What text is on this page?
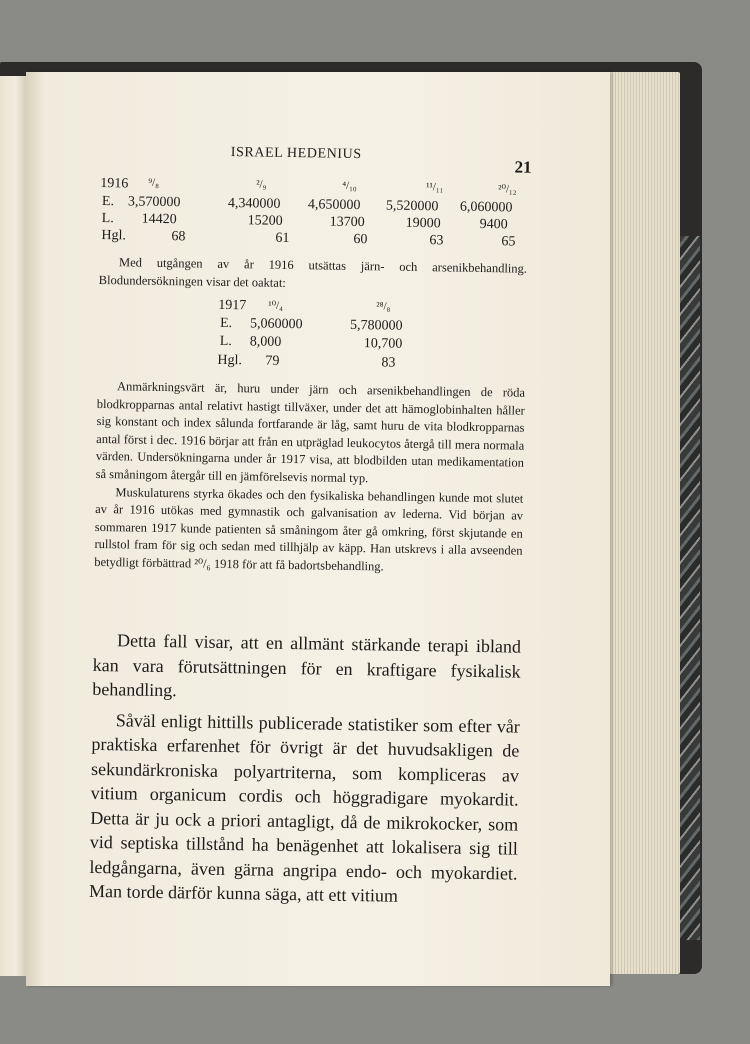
ISRAEL HEDENIUS
21
1916 ⁹/₈	²/₉	⁴/₁₀	¹¹/₁₁	²⁰/₁₂
E. 3,570000	4,340000 4,650000 5,520000 6,060000
L. 14420	15200	13700	19000	9400
Hgl.	68	61	60	63	65

Med utgången av år 1916 utsättas järn- och arsenikbehandling. Blodundersökningen visar det oaktat:

1917 ¹⁰/₄	²⁸/₈
E. 5,060000	5,780000
L. 8,000	10,700
Hgl. 79	83

Anmärkningsvärt är, huru under järn och arsenikbehandlingen de röda blodkropparnas antal relativt hastigt tillväxer, under det att hämoglobinhalten håller sig konstant och index sålunda fortfarande är låg, samt huru de vita blodkropparnas antal först i dec. 1916 börjar att från en utpräglad leukocytos återgå till mera normala värden. Undersökningarna under år 1917 visa, att blodbilden utan medikamentation så småningom återgår till en jämförelsevis normal typ.

Muskulaturens styrka ökades och den fysikaliska behandlingen kunde mot slutet av år 1916 utökas med gymnastik och galvanisation av lederna. Vid början av sommaren 1917 kunde patienten så småningom åter gå omkring, först skjutande en rullstol fram för sig och sedan med tillhjälp av käpp. Han utskrevs i alla avseenden betydligt förbättrad ²⁰/₆ 1918 för att få badortsbehandling.

Detta fall visar, att en allmänt stärkande terapi ibland kan vara förutsättningen för en kraftigare fysikalisk behandling.

Såväl enligt hittills publicerade statistiker som efter vår praktiska erfarenhet för övrigt är det huvudsakligen de sekundärkroniska polyartriterna, som kompliceras av vitium organicum cordis och höggradigare myokardit. Detta är ju ock a priori antagligt, då de mikrokocker, som vid septiska tillstånd ha benägenhet att lokalisera sig till ledgångarna, även gärna angripa endo- och myokardiet. Man torde därför kunna säga, att ett vitium
